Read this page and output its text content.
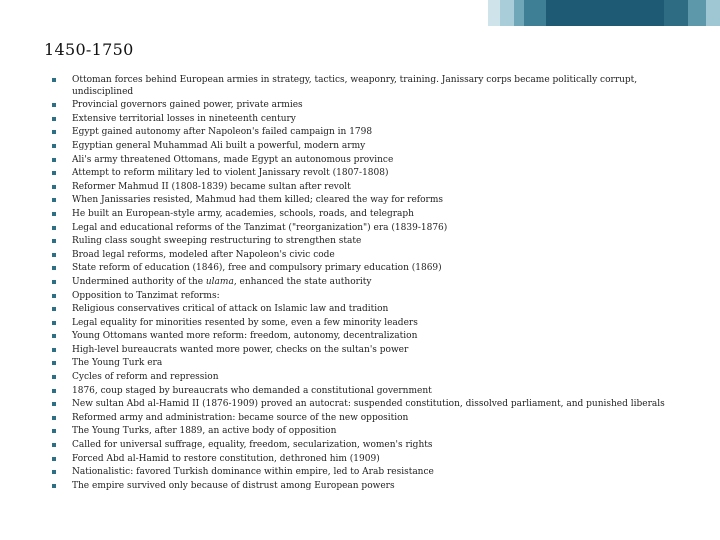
1450-1750
Ottoman forces behind European armies in strategy, tactics, weaponry, training. Janissary corps became politically corrupt, undisciplined
Provincial governors gained power, private armies
Extensive territorial losses in nineteenth century
Egypt gained autonomy after Napoleon's failed campaign in 1798
Egyptian general Muhammad Ali built a powerful, modern army
Ali's army threatened Ottomans, made Egypt an autonomous province
Attempt to reform military led to violent Janissary revolt (1807-1808)
Reformer Mahmud II (1808-1839) became sultan after revolt
When Janissaries resisted, Mahmud had them killed; cleared the way for reforms
He built an European-style army, academies, schools, roads, and telegraph
Legal and educational reforms of the Tanzimat ("reorganization") era (1839-1876)
Ruling class sought sweeping restructuring to strengthen state
Broad legal reforms, modeled after Napoleon's civic code
State reform of education (1846), free and compulsory primary education (1869)
Undermined authority of the ulama, enhanced the state authority
Opposition to Tanzimat reforms:
Religious conservatives critical of attack on Islamic law and tradition
Legal equality for minorities resented by some, even a few minority leaders
Young Ottomans wanted more reform: freedom, autonomy, decentralization
High-level bureaucrats wanted more power, checks on the sultan's power
The Young Turk era
Cycles of reform and repression
1876, coup staged by bureaucrats who demanded a constitutional government
New sultan Abd al-Hamid II (1876-1909) proved an autocrat: suspended constitution, dissolved parliament, and punished liberals
Reformed army and administration: became source of the new opposition
The Young Turks, after 1889, an active body of opposition
Called for universal suffrage, equality, freedom, secularization, women's rights
Forced Abd al-Hamid to restore constitution, dethroned him (1909)
Nationalistic: favored Turkish dominance within empire, led to Arab resistance
The empire survived only because of distrust among European powers
